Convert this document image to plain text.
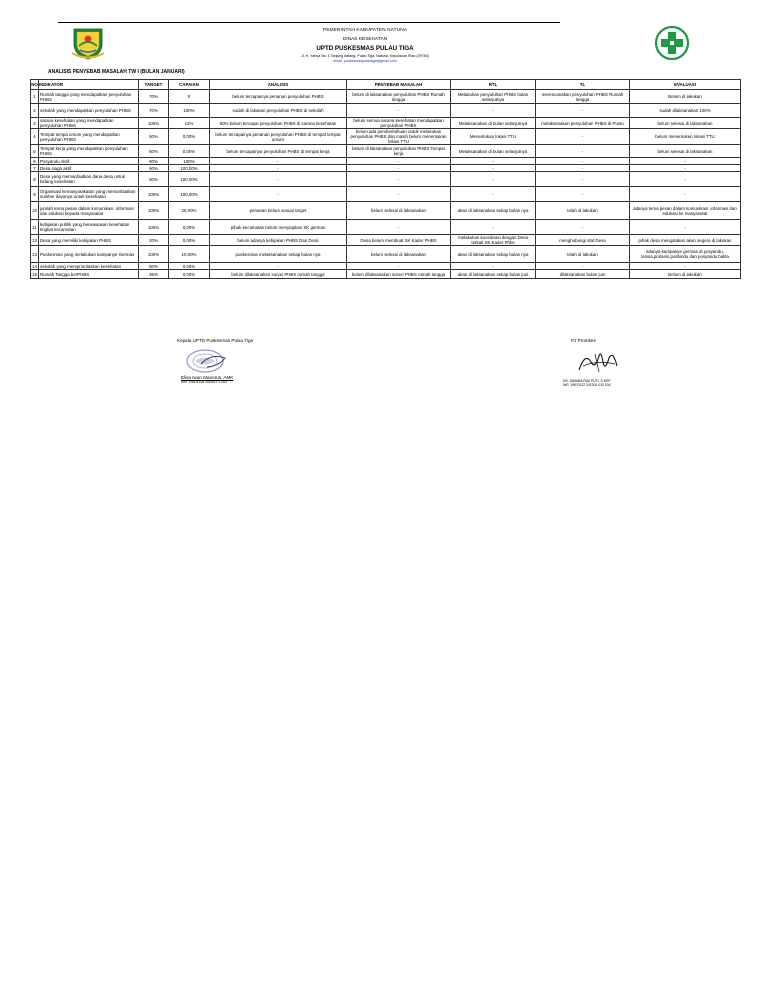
PEMERINTAH KABUPATEN NATUNA
DINAS KESEHATAN
UPTD PUSKESMAS PULAU TIGA
Jl. H. Yahya No. 1 Tanjung batang, Pulau Tiga, Natuna, Kepulauan Riau (29783)
email: puskesmaspulautiga@gmail.com
ANALISIS PENYEBAB MASALAH TW I (BULAN JANUARI)
NO	INDIKATOR	TARGET	CAPAIAN	ANALISIS	PENYEBAB MASALAH	RTL	TL	EVALUASI
1	Rumah tangga yang mendapatkan penyuluhan PHBS	70%	0	belum tercapainya penanan penyuluhan PHBS	belum di laksanakan penyuluhan PHBS Rumah tangga	Melakukan penyuluhan PHBS bulan selanjutnya	merencanakan penyuluhan PHBS Rumah tangga	Belum di lakukan
2	sekolah yang mendapatkan penyuluhan PHBS	70%	100%	sudah di lakukan penyuluhan PHBS di sekolah	-	-	-	sudah dilaksanakan 100%
3	sarana kesehatan yang mendapatkan penyuluhan PHBS	100%	12%	50% belum tercapai penyuluhan PHBS di sarana kesehatan	belum semua sarana kesehatan mendapatkan penyuluhan PHBS	Melaksanakan di bulan selanjutnya	melaksanakan penyuluhan PHBS di Pustu	belum selesai di laksanakan
4	Tempat tempa umum yang mendapatkan penyuluhan PHBS	60%	0,00%	belum tercapainya penanan penyuluhan PHBS di tempat tempat umum	belum ada pemberitahuan untuk melakukan penyuluhan PHBS dan masih belum menentukan lokasi TTU	Menentukan lokasi TTU	-	belum menentukan lokasi TTU
5	Tempat kerja yang mendapatkan penyuluhan PHBS	50%	0,00%	belum tercapainya penyuluhan PHBS di tempat kerja	belum di laksanakan penyuluhan PHBS Tempat kerja	Melaksanakan di bulan selanjutnya	-	belum selesai di laksanakan
6	Posyandu Aktif	90%	100%	-	-	-	-	-
7	Desa siaga aktif	60%	100,00%	-	-	-	-	-
8	Desa yang memanfaatkan dana desa untuk bidang kesehatan	50%	100,00%	-	-	-	-	-
9	Organisasi kemasyarakatan yang memanfaatkan sumber dayanya untuk kesehatan	100%	100,00%	-	-	-	-	-
10	jumlah tema pesan dalam komunikasi ,informasi dan edukasi kepada masyarakat	100%	25,00%	penanan belum sesuai target	belum selesai di laksanakan	akan di laksanakan setiap bulan nya	telah di lakukan	adanya tema pesan dalam komunikasi ,informasi dan edukasi ke masyarakat
11	kebijakan publik yang berwawasan kesehatan tingkat kecamatan	100%	0,00%	pihak kecamatan belum menyiapkan SK germas	-	-	-	-
12	Desa yang memiliki kebijakan PHBS	20%	0,00%	belum adanya kebijakan PHBS Dari Desa	Desa belum membuat SK Kader PHBS	melakukan koordinasi dengan Desa terkait SK Kader Phbs	menghubungi staf Desa	pihak desa mengatakan akan segera di lakukan
13	Puskesmas yang melakukan kampanye Germas	100%	10,00%	puskesmas melaksanakan setiap bulan nya	belum selesai di laksanakan	akan di laksanakan setiap bulan nya	telah di lakukan	adanya kampanye germas di posyandu, lansia,prolanis,posbindu dan posyandu balita
14	sekolah yang memprioritaskan kesehatan	50%	0,00%	-	-	-	-	-
15	Rumah Tangga berPHBS	35%	0,00%	belum dilaksanakan survei PHBS rumah tangga	belum dilaksanakan survei PHBS rumah tangga	akan di laksanakan setiap bulan juni	dilaksanakan bulan juni	Belum di lakukan
Kepala UPTD Puskesmas Pulau Tiga
Elisa Iwan Manorus, AMK
NIP. 19801106 200501 2 003
PJ Promkes
NS. DIMABA RIAI PUTI, S.KEP
NIP. 19870212 201001 012 034
